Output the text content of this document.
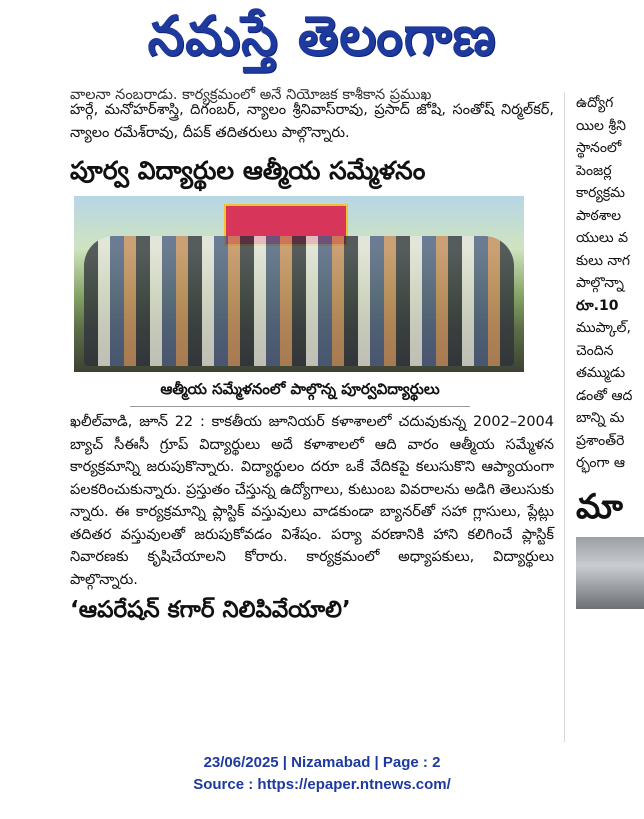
నమస్తే తెలంగాణ

వాలనా నంబరాడు. కార్యక్రమంలో అనే నియోజక కాశీకాన ప్రముఖ

హర్గే, మనోహర్‌శాస్త్రి, దిగంబర్, న్యాలం శ్రీనివాస్‌రావు, ప్రసాద్ జోషి, సంతోష్ నిర్మల్‌కర్, న్యాలం రమేశ్‌రావు, దీపక్ తదితరులు పాల్గొన్నారు.

పూర్వ విద్యార్థుల ఆత్మీయ సమ్మేళనం
ఆత్మీయ సమ్మేళనంలో పాల్గొన్న పూర్వవిద్యార్థులు

ఖలీల్‌వాడి, జూన్ 22 : కాకతీయ జూనియర్ కళాశాలలో చదువుకున్న 2002–2004 బ్యాచ్ సీఈసీ గ్రూప్ విద్యార్థులు అదే కళాశాలలో ఆది వారం ఆత్మీయ సమ్మేళన కార్యక్రమాన్ని జరుపుకొన్నారు. విద్యార్థులం దరూ ఒకే వేదికపై కలుసుకొని ఆప్యాయంగా పలకరించుకున్నారు. ప్రస్తుతం చేస్తున్న ఉద్యోగాలు, కుటుంబ వివరాలను అడిగి తెలుసుకు న్నారు. ఈ కార్యక్రమాన్ని ప్లాస్టిక్ వస్తువులు వాడకుండా బ్యానర్‌తో సహా గ్లాసులు, ప్లేట్లు తదితర వస్తువులతో జరుపుకోవడం విశేషం. పర్యా వరణానికి హాని కలిగించే ప్లాస్టిక్ నివారణకు కృషిచేయాలని కోరారు. కార్యక్రమంలో అధ్యాపకులు, విద్యార్థులు పాల్గొన్నారు.

‘ఆపరేషన్ కగార్ నిలిపివేయాలి’

ఉద్యోగ

యిల శ్రీని

స్థానంలో

పెంజర్ల

కార్యక్రమ

పాఠశాల

యులు వ

కులు నాగ

పాల్గొన్నా

రూ.10

ముప్కాల్,

చెందిన

తమ్ముడు

డంతో ఆద

బాన్ని మ

ప్రశాంత్‌రె

ర్భంగా ఆ

మా
23/06/2025 | Nizamabad | Page : 2
Source : https://epaper.ntnews.com/
